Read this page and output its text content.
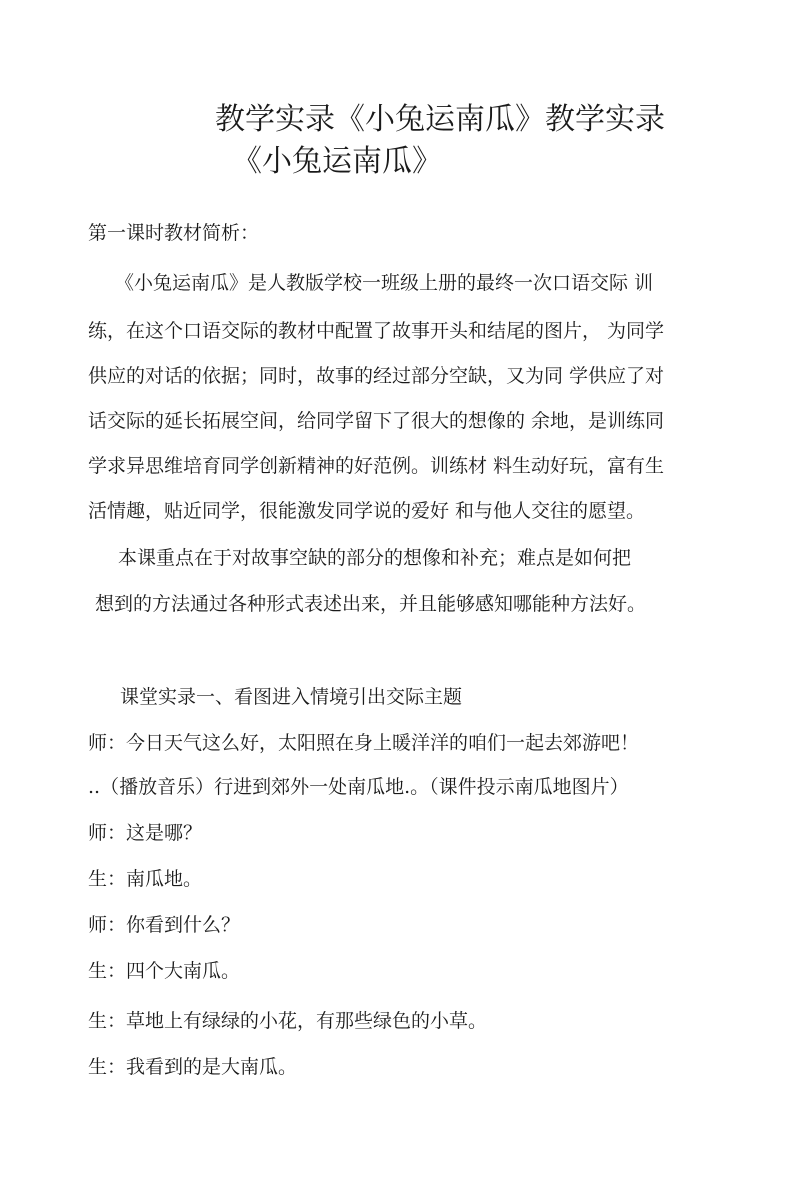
教学实录《小兔运南瓜》教学实录
《小兔运南瓜》
第一课时教材简析：
《小兔运南瓜》是人教版学校一班级上册的最终一次口语交际 训
练，在这个口语交际的教材中配置了故事开头和结尾的图片， 为同学
供应的对话的依据；同时，故事的经过部分空缺，又为同 学供应了对
话交际的延长拓展空间，给同学留下了很大的想像的 余地，是训练同
学求异思维培育同学创新精神的好范例。训练材 料生动好玩，富有生
活情趣，贴近同学，很能激发同学说的爱好 和与他人交往的愿望。
本课重点在于对故事空缺的部分的想像和补充；难点是如何把
想到的方法通过各种形式表述出来，并且能够感知哪能种方法好。
课堂实录一、看图进入情境引出交际主题
师：今日天气这么好，太阳照在身上暖洋洋的咱们一起去郊游吧！
..（播放音乐）行进到郊外一处南瓜地.。（课件投示南瓜地图片）
师：这是哪？
生：南瓜地。
师：你看到什么？
生：四个大南瓜。
生：草地上有绿绿的小花，有那些绿色的小草。
生：我看到的是大南瓜。
